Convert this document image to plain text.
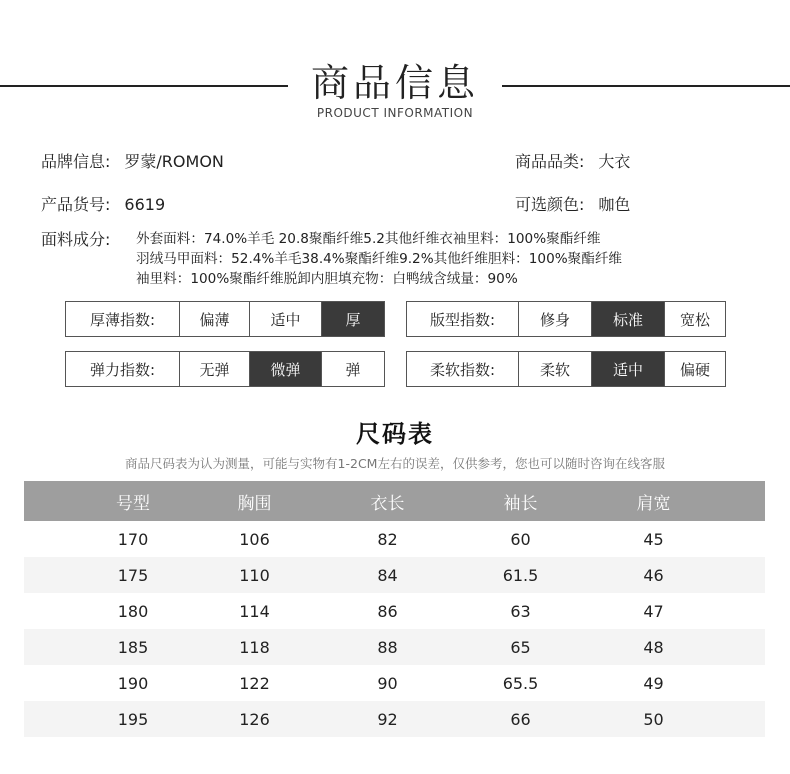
商品信息
PRODUCT INFORMATION
品牌信息: 罗蒙/ROMON	商品品类: 大衣
产品货号: 6619	可选颜色: 咖色
面料成分: 外套面料：74.0%羊毛 20.8聚酯纤维5.2其他纤维衣袖里料：100%聚酯纤维
羽绒马甲面料：52.4%羊毛38.4%聚酯纤维9.2%其他纤维胆料：100%聚酯纤维
袖里料：100%聚酯纤维脱卸内胆填充物：白鸭绒含绒量：90%
厚薄指数:	偏薄	适中	厚	版型指数:	修身	标准	宽松
弹力指数:	无弹	微弹	弹	柔软指数:	柔软	适中	偏硬
尺码表
商品尺码表为认为测量，可能与实物有1-2CM左右的误差，仅供参考，您也可以随时咨询在线客服
号型	胸围	衣长	袖长	肩宽
170	106	82	60	45
175	110	84	61.5	46
180	114	86	63	47
185	118	88	65	48
190	122	90	65.5	49
195	126	92	66	50
